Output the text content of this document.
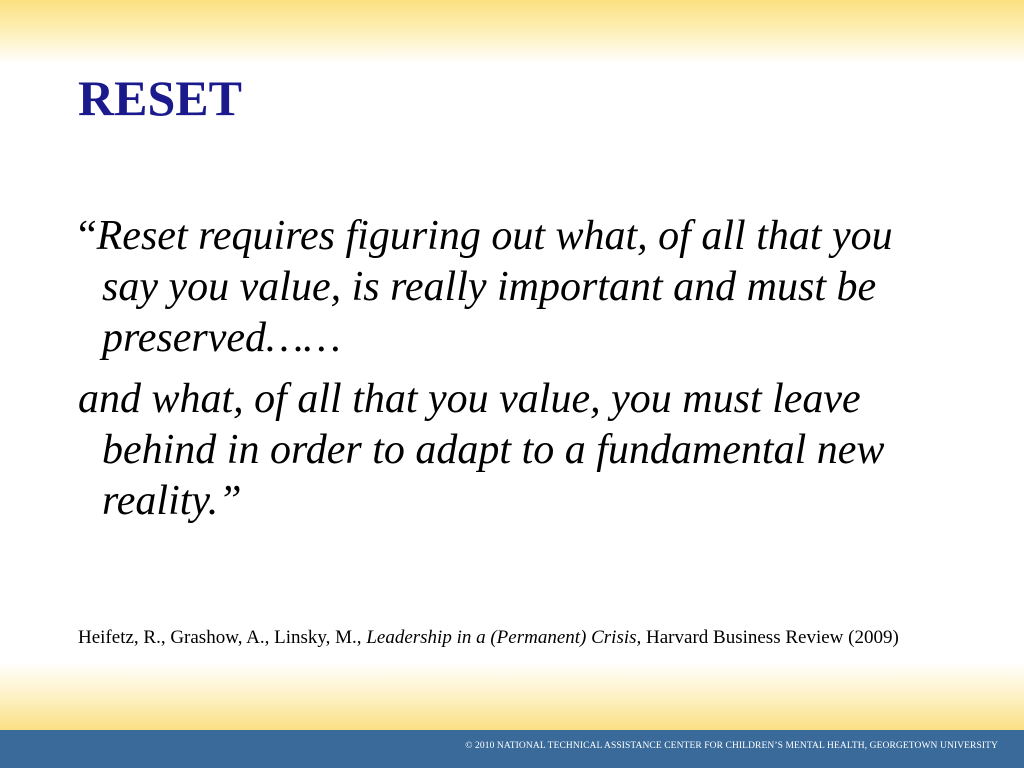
RESET

“Reset requires figuring out what, of all that you say you value, is really important and must be preserved……

and what, of all that you value, you must leave behind in order to adapt to a fundamental new reality.”

Heifetz, R., Grashow, A., Linsky, M., Leadership in a (Permanent) Crisis, Harvard Business Review (2009)

© 2010 NATIONAL TECHNICAL ASSISTANCE CENTER FOR CHILDREN’S MENTAL HEALTH, GEORGETOWN UNIVERSITY
